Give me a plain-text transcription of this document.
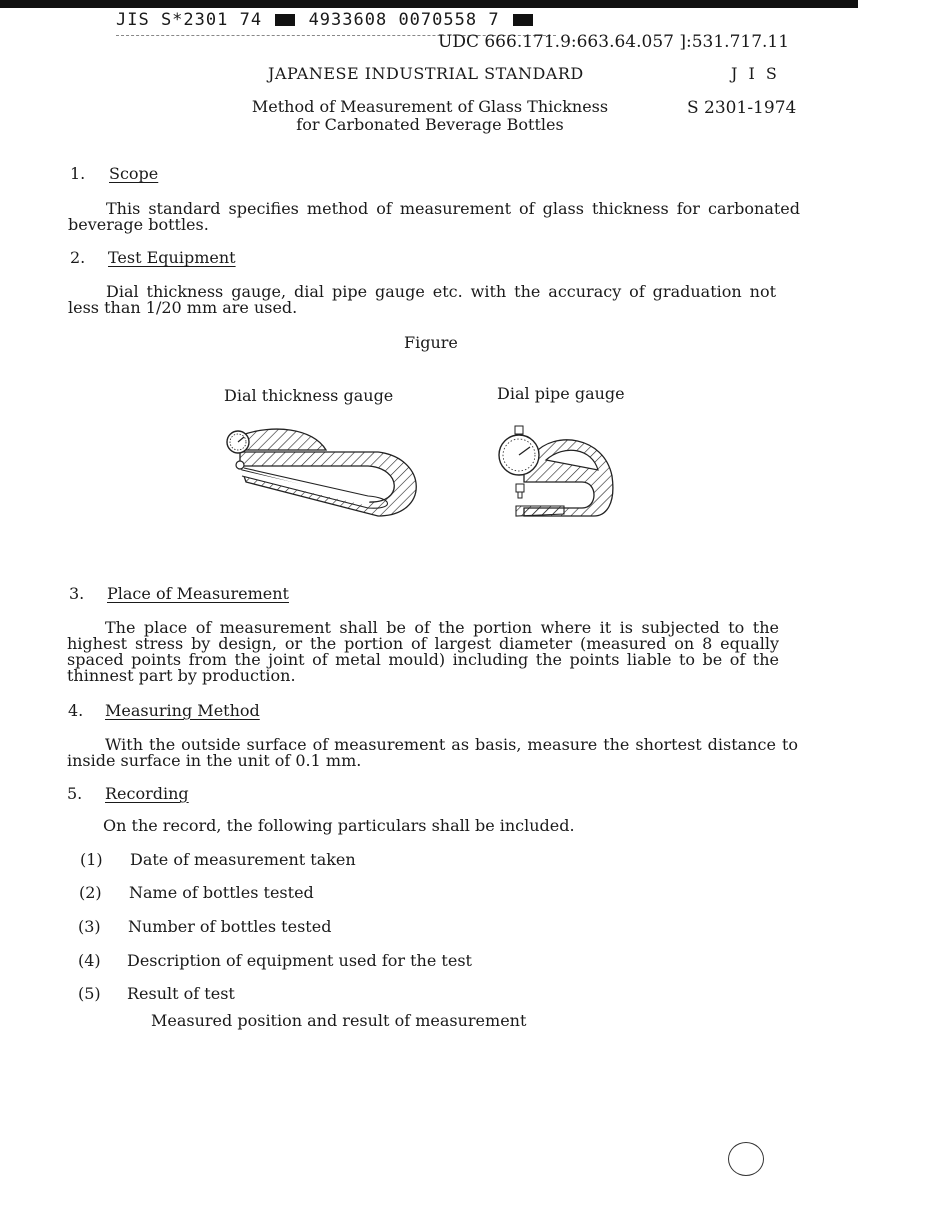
JIS S*2301 74	4933608 0070558 7
UDC 666.171.9:663.64.057 ]:531.717.11
JAPANESE INDUSTRIAL STANDARD	J I S
Method of Measurement of Glass Thickness
for Carbonated Beverage Bottles
S 2301-1974
1. Scope
This standard specifies method of measurement of glass thickness for carbonated beverage bottles.
2. Test Equipment
Dial thickness gauge, dial pipe gauge etc. with the accuracy of graduation not less than 1/20 mm are used.
Figure
Dial thickness gauge	Dial pipe gauge
3. Place of Measurement
The place of measurement shall be of the portion where it is subjected to the highest stress by design, or the portion of largest diameter (measured on 8 equally spaced points from the joint of metal mould) including the points liable to be of the thinnest part by production.
4. Measuring Method
With the outside surface of measurement as basis, measure the shortest distance to inside surface in the unit of 0.1 mm.
5. Recording
On the record, the following particulars shall be included.
(1) Date of measurement taken
(2) Name of bottles tested
(3) Number of bottles tested
(4) Description of equipment used for the test
(5) Result of test
Measured position and result of measurement
